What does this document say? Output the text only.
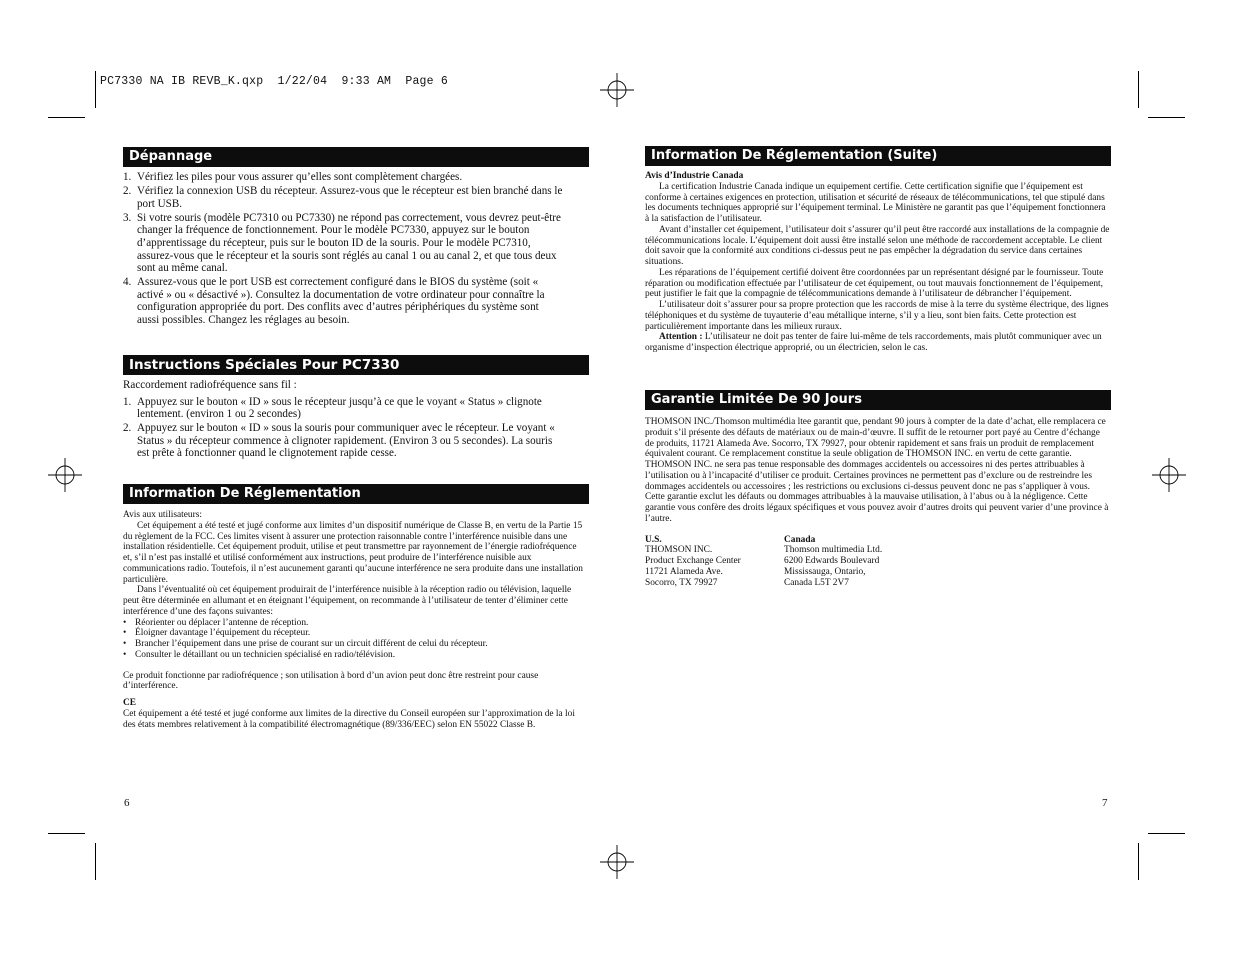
PC7330 NA IB REVB_K.qxp  1/22/04  9:33 AM  Page 6
Dépannage
1. Vérifiez les piles pour vous assurer qu’elles sont complètement chargées.
2. Vérifiez la connexion USB du récepteur. Assurez-vous que le récepteur est bien branché dans le port USB.
3. Si votre souris (modèle PC7310 ou PC7330) ne répond pas correctement, vous devrez peut-être changer la fréquence de fonctionnement. Pour le modèle PC7330, appuyez sur le bouton d’apprentissage du récepteur, puis sur le bouton ID de la souris. Pour le modèle PC7310, assurez-vous que le récepteur et la souris sont réglés au canal 1 ou au canal 2, et que tous deux sont au même canal.
4. Assurez-vous que le port USB est correctement configuré dans le BIOS du système (soit « activé » ou « désactivé »). Consultez la documentation de votre ordinateur pour connaître la configuration appropriée du port. Des conflits avec d’autres périphériques du système sont aussi possibles. Changez les réglages au besoin.
Instructions Spéciales Pour PC7330

Raccordement radiofréquence sans fil :

1. Appuyez sur le bouton « ID » sous le récepteur jusqu’à ce que le voyant « Status » clignote lentement. (environ 1 ou 2 secondes)
2. Appuyez sur le bouton « ID » sous la souris pour communiquer avec le récepteur. Le voyant « Status » du récepteur commence à clignoter rapidement. (Environ 3 ou 5 secondes). La souris est prête à fonctionner quand le clignotement rapide cesse.
Information De Réglementation

Avis aux utilisateurs:

Cet équipement a été testé et jugé conforme aux limites d’un dispositif numérique de Classe B, en vertu de la Partie 15 du règlement de la FCC. Ces limites visent à assurer une protection raisonnable contre l’interférence nuisible dans une installation résidentielle. Cet équipement produit, utilise et peut transmettre par rayonnement de l’énergie radiofréquence et, s’il n’est pas installé et utilisé conformément aux instructions, peut produire de l’interférence nuisible aux communications radio. Toutefois, il n’est aucunement garanti qu’aucune interférence ne sera produite dans une installation particulière.

Dans l’éventualité où cet équipement produirait de l’interférence nuisible à la réception radio ou télévision, laquelle peut être déterminée en allumant et en éteignant l’équipement, on recommande à l’utilisateur de tenter d’éliminer cette interférence d’une des façons suivantes:

• Réorienter ou déplacer l’antenne de réception.
• Éloigner davantage l’équipement du récepteur.
• Brancher l’équipement dans une prise de courant sur un circuit différent de celui du récepteur.
• Consulter le détaillant ou un technicien spécialisé en radio/télévision.

Ce produit fonctionne par radiofréquence ; son utilisation à bord d’un avion peut donc être restreint pour cause d’interférence.

CE

Cet équipement a été testé et jugé conforme aux limites de la directive du Conseil européen sur l’approximation de la loi des états membres relativement à la compatibilité électromagnétique (89/336/EEC) selon EN 55022 Classe B.

6
Information De Réglementation (Suite)

Avis d’Industrie Canada

La certification Industrie Canada indique un equipement certifie. Cette certification signifie que l’équipement est conforme à certaines exigences en protection, utilisation et sécurité de réseaux de télécommunications, tel que stipulé dans les documents techniques approprié sur l’équipement terminal. Le Ministère ne garantit pas que l’équipement fonctionnera à la satisfaction de l’utilisateur.

Avant d’installer cet équipement, l’utilisateur doit s’assurer qu’il peut être raccordé aux installations de la compagnie de télécommunications locale. L’équipement doit aussi être installé selon une méthode de raccordement acceptable. Le client doit savoir que la conformité aux conditions ci-dessus peut ne pas empêcher la dégradation du service dans certaines situations.

Les réparations de l’équipement certifié doivent être coordonnées par un représentant désigné par le fournisseur. Toute réparation ou modification effectuée par l’utilisateur de cet équipement, ou tout mauvais fonctionnement de l’équipement, peut justifier le fait que la compagnie de télécommunications demande à l’utilisateur de débrancher l’équipement.

L’utilisateur doit s’assurer pour sa propre protection que les raccords de mise à la terre du système électrique, des lignes téléphoniques et du système de tuyauterie d’eau métallique interne, s’il y a lieu, sont bien faits. Cette protection est particulièrement importante dans les milieux ruraux.

Attention : L’utilisateur ne doit pas tenter de faire lui-même de tels raccordements, mais plutôt communiquer avec un organisme d’inspection électrique approprié, ou un électricien, selon le cas.

Garantie Limitée De 90 Jours

THOMSON INC./Thomson multimédia ltee garantit que, pendant 90 jours à compter de la date d’achat, elle remplacera ce produit s’il présente des défauts de matériaux ou de main-d’œuvre. Il suffit de le retourner port payé au Centre d’échange de produits, 11721 Alameda Ave. Socorro, TX 79927, pour obtenir rapidement et sans frais un produit de remplacement équivalent courant. Ce remplacement constitue la seule obligation de THOMSON INC. en vertu de cette garantie. THOMSON INC. ne sera pas tenue responsable des dommages accidentels ou accessoires ni des pertes attribuables à l’utilisation ou à l’incapacité d’utiliser ce produit. Certaines provinces ne permettent pas d’exclure ou de restreindre les dommages accidentels ou accessoires ; les restrictions ou exclusions ci-dessus peuvent donc ne pas s’appliquer à vous. Cette garantie exclut les défauts ou dommages attribuables à la mauvaise utilisation, à l’abus ou à la négligence. Cette garantie vous confère des droits légaux spécifiques et vous pouvez avoir d’autres droits qui peuvent varier d’une province à l’autre.

U.S.

THOMSON INC.

Product Exchange Center

11721 Alameda Ave.

Socorro, TX 79927

Canada

Thomson multimedia Ltd.

6200 Edwards Boulevard

Mississauga, Ontario,

Canada L5T 2V7

7
